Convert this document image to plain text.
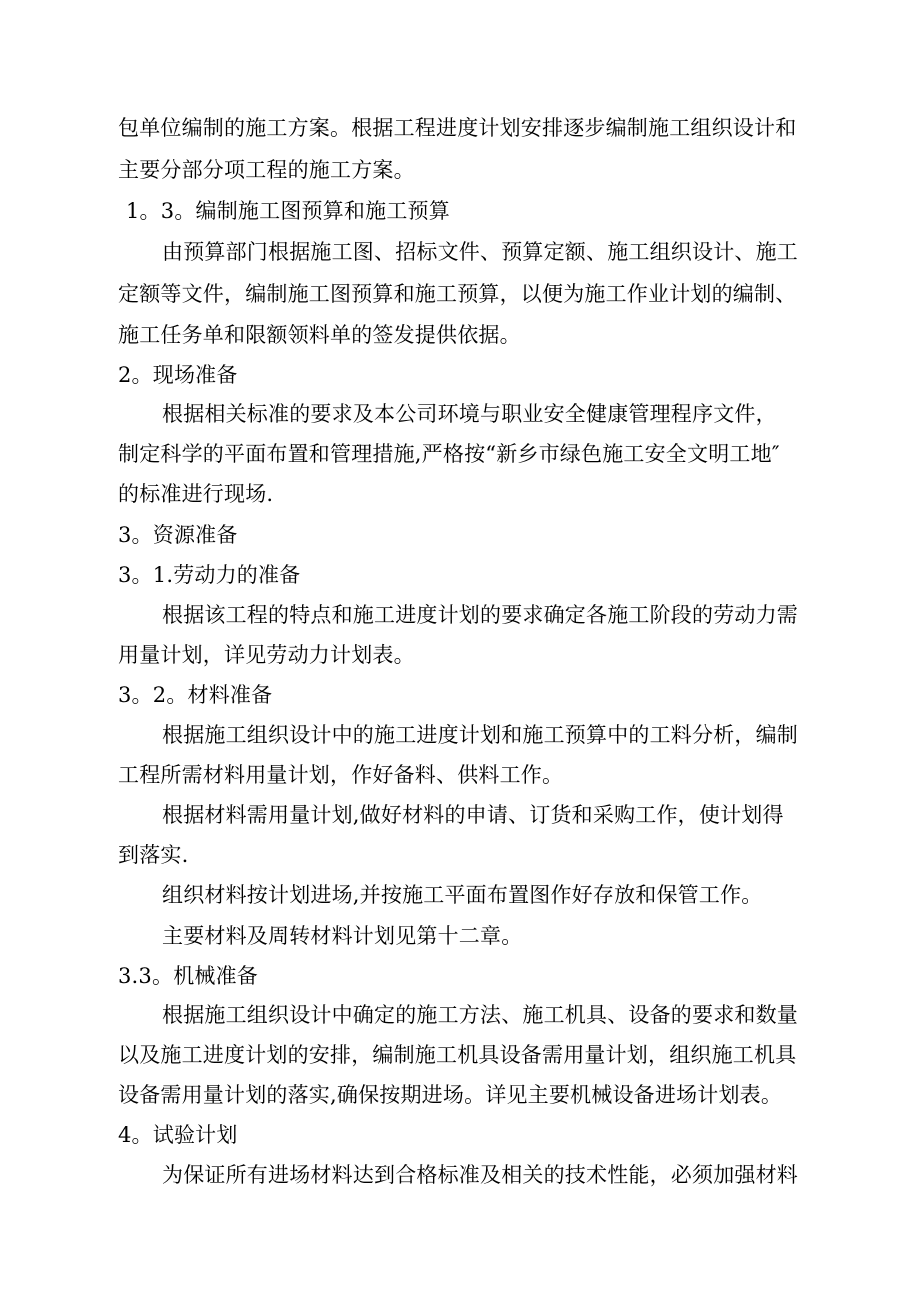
包单位编制的施工方案。根据工程进度计划安排逐步编制施工组织设计和
主要分部分项工程的施工方案。
1。3。编制施工图预算和施工预算
由预算部门根据施工图、招标文件、预算定额、施工组织设计、施工
定额等文件，编制施工图预算和施工预算，以便为施工作业计划的编制、
施工任务单和限额领料单的签发提供依据。
2。现场准备
根据相关标准的要求及本公司环境与职业安全健康管理程序文件，
制定科学的平面布置和管理措施,严格按“新乡市绿色施工安全文明工地″
的标准进行现场.
3。资源准备
3。1.劳动力的准备
根据该工程的特点和施工进度计划的要求确定各施工阶段的劳动力需
用量计划，详见劳动力计划表。
3。2。材料准备
根据施工组织设计中的施工进度计划和施工预算中的工料分析，编制
工程所需材料用量计划，作好备料、供料工作。
根据材料需用量计划,做好材料的申请、订货和采购工作，使计划得
到落实.
组织材料按计划进场,并按施工平面布置图作好存放和保管工作。
主要材料及周转材料计划见第十二章。
3.3。机械准备
根据施工组织设计中确定的施工方法、施工机具、设备的要求和数量
以及施工进度计划的安排，编制施工机具设备需用量计划，组织施工机具
设备需用量计划的落实,确保按期进场。详见主要机械设备进场计划表。
4。试验计划
为保证所有进场材料达到合格标准及相关的技术性能，必须加强材料
